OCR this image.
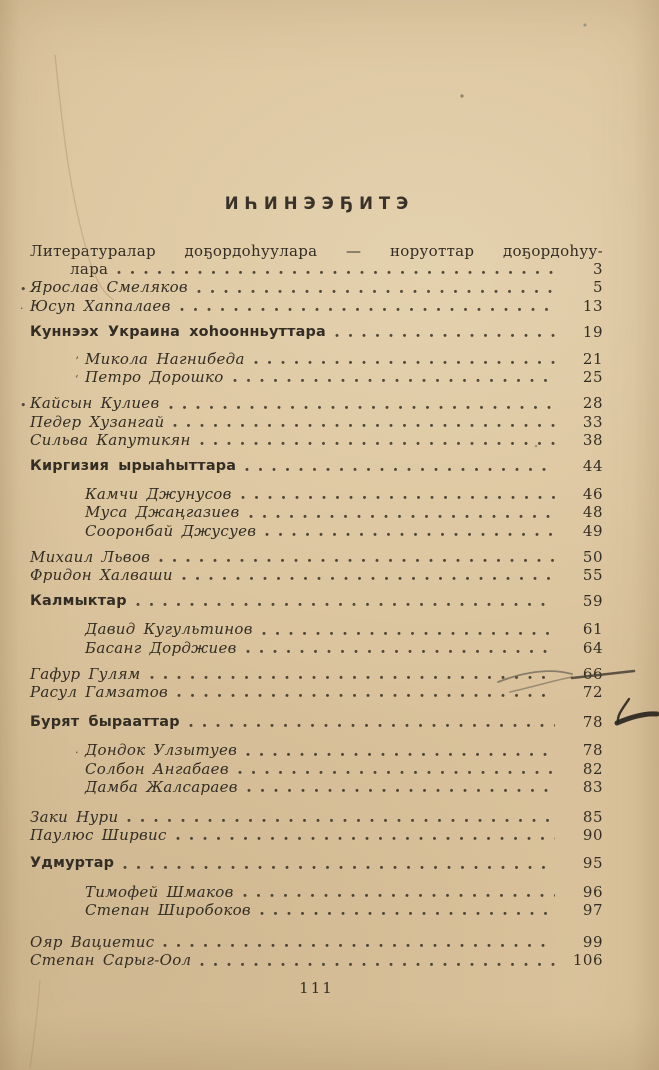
ИҺИНЭЭҔИТЭ
Литературалар доҕордоһуулара — норуоттар доҕордоһуу-
лара	3
• Ярослав Смеляков	5
· Юсуп Хаппалаев	13
Куннээх Украина хоһоонньуттара	19
ʼ Микола Нагнибеда	21
ʻ Петро Дорошко	25
• Кайсын Кулиев	28
Педер Хузангай	33
Сильва Капутикян	38
Киргизия ырыаһыттара	44
Камчи Джунусов	46
Муса Джаңгазиев	48
Сооронбай Джусуев	49
Михаил Львов	50
Фридон Халваши	55
Калмыктар	59
Давид Кугультинов	61
Басанг Дорджиев	64
Гафур Гулям	66
Расул Гамзатов	72
Бурят бырааттар	78
· Дондок Улзытуев	78
Солбон Ангабаев	82
Дамба Жалсараев	83
Заки Нури	85
Паулюс Ширвис	90
Удмуртар	95
Тимофей Шмаков	96
Степан Широбоков	97
Ояр Вациетис	99
Степан Сарыг-Оол	106
111
